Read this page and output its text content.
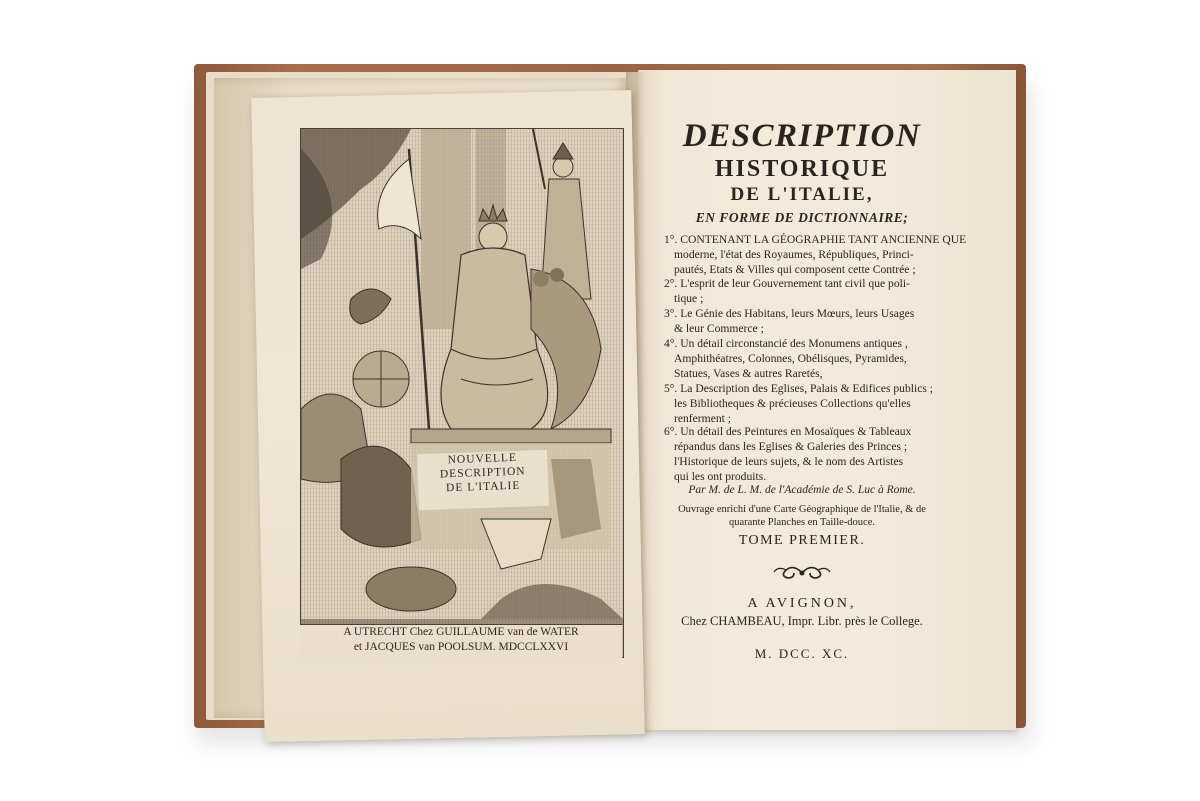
NOUVELLE
DESCRIPTION
DE L'ITALIE
A UTRECHT Chez GUILLAUME van de WATER
et JACQUES van POOLSUM. MDCCLXXVI
DESCRIPTION
HISTORIQUE
DE L'ITALIE,
EN FORME DE DICTIONNAIRE;
1°. CONTENANT LA GÉOGRAPHIE TANT ANCIENNE QUE
moderne, l'état des Royaumes, Républiques, Princi-
pautés, Etats & Villes qui composent cette Contrée ;
2°. L'esprit de leur Gouvernement tant civil que poli-
tique ;
3°. Le Génie des Habitans, leurs Mœurs, leurs Usages
& leur Commerce ;
4°. Un détail circonstancié des Monumens antiques ,
Amphithéatres, Colonnes, Obélisques, Pyramides,
Statues, Vases & autres Raretés,
5°. La Description des Eglises, Palais & Edifices publics ;
les Bibliotheques & précieuses Collections qu'elles
renferment ;
6°. Un détail des Peintures en Mosaïques & Tableaux
répandus dans les Eglises & Galeries des Princes ;
l'Historique de leurs sujets, & le nom des Artistes
qui les ont produits.
Par M. de L. M. de l'Académie de S. Luc à Rome.
Ouvrage enrichi d'une Carte Géographique de l'Italie, & de
quarante Planches en Taille-douce.
TOME PREMIER.
A AVIGNON,
Chez CHAMBEAU, Impr. Libr. près le College.
M. DCC. XC.
